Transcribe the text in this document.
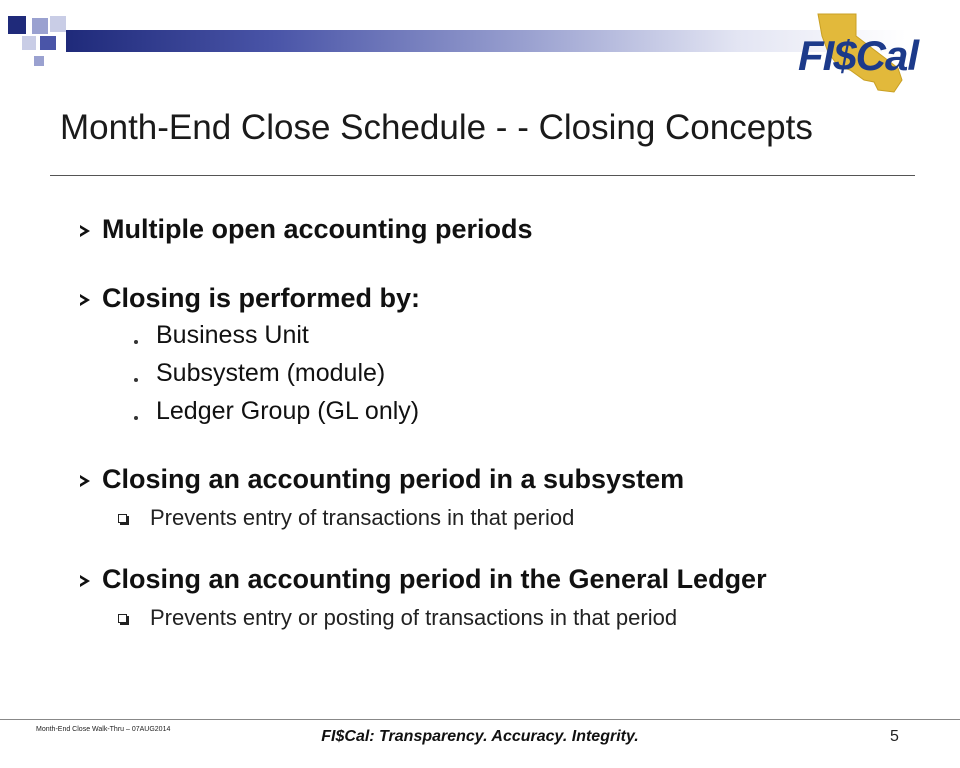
FI$Cal
Month-End Close Schedule - - Closing Concepts
Multiple open accounting periods
Closing is performed by:
Business Unit
Subsystem (module)
Ledger Group (GL only)
Closing an accounting period in a subsystem
Prevents entry of transactions in that period
Closing an accounting period in the General Ledger
Prevents entry or posting of transactions in that period
Month-End Close Walk-Thru – 07AUG2014	FI$Cal: Transparency. Accuracy. Integrity.	5
